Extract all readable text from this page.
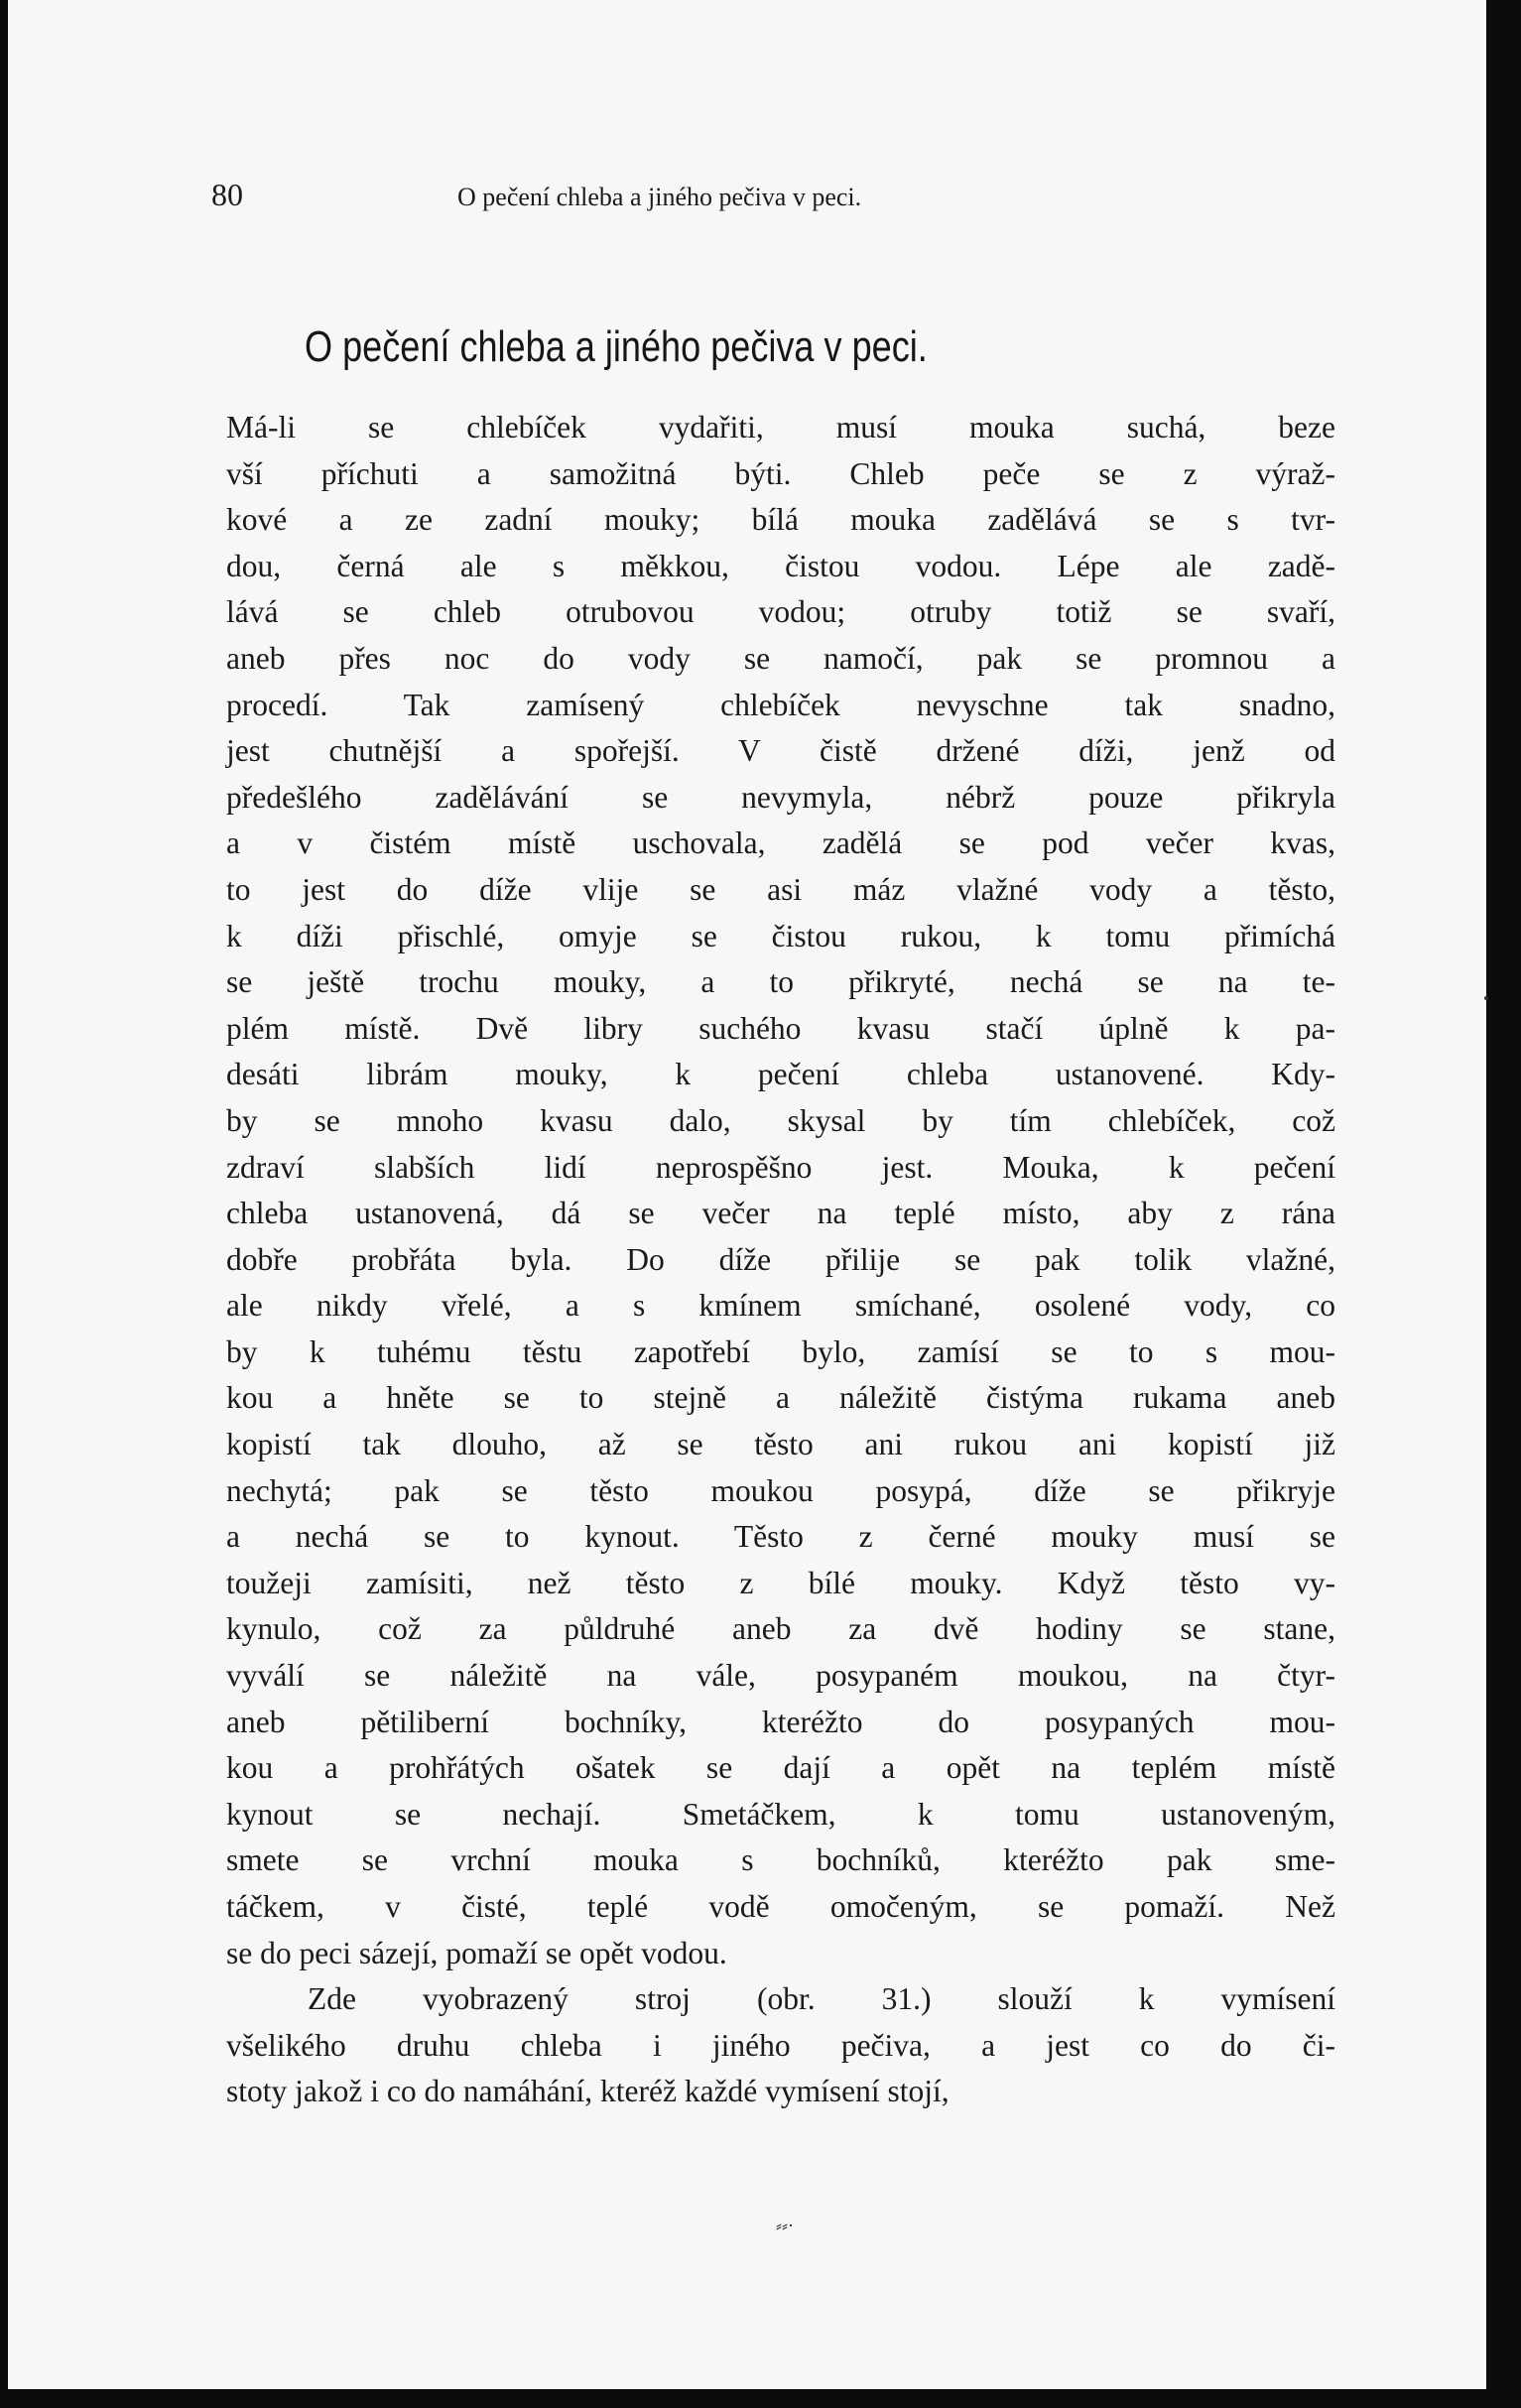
80	O pečení chleba a jiného pečiva v peci.
O pečení chleba a jiného pečiva v peci.
Má-li se chlebíček vydařiti, musí mouka suchá, beze
vší příchuti a samožitná býti. Chleb peče se z výraž-
kové a ze zadní mouky; bílá mouka zadělává se s tvr-
dou, černá ale s měkkou, čistou vodou. Lépe ale zadě-
lává se chleb otrubovou vodou; otruby totiž se svaří,
aneb přes noc do vody se namočí, pak se promnou a
procedí. Tak zamísený chlebíček nevyschne tak snadno,
jest chutnější a spořejší. V čistě držené díži, jenž od
předešlého zadělávání se nevymyla, nébrž pouze přikryla
a v čistém místě uschovala, zadělá se pod večer kvas,
to jest do díže vlije se asi máz vlažné vody a těsto,
k díži přischlé, omyje se čistou rukou, k tomu přimíchá
se ještě trochu mouky, a to přikryté, nechá se na te-
plém místě. Dvě libry suchého kvasu stačí úplně k pa-
desáti librám mouky, k pečení chleba ustanovené. Kdy-
by se mnoho kvasu dalo, skysal by tím chlebíček, což
zdraví slabších lidí neprospěšno jest. Mouka, k pečení
chleba ustanovená, dá se večer na teplé místo, aby z rána
dobře probřáta byla. Do díže přilije se pak tolik vlažné,
ale nikdy vřelé, a s kmínem smíchané, osolené vody, co
by k tuhému těstu zapotřebí bylo, zamísí se to s mou-
kou a hněte se to stejně a náležitě čistýma rukama aneb
kopistí tak dlouho, až se těsto ani rukou ani kopistí již
nechytá; pak se těsto moukou posypá, díže se přikryje
a nechá se to kynout. Těsto z černé mouky musí se
toužeji zamísiti, než těsto z bílé mouky. Když těsto vy-
kynulo, což za půldruhé aneb za dvě hodiny se stane,
vyválí se náležitě na vále, posypaném moukou, na čtyr-
aneb pětiliberní bochníky, kteréžto do posypaných mou-
kou a prohřátých ošatek se dají a opět na teplém místě
kynout se nechají. Smetáčkem, k tomu ustanoveným,
smete se vrchní mouka s bochníků, kteréžto pak sme-
táčkem, v čisté, teplé vodě omočeným, se pomaží. Než
se do peci sázejí, pomaží se opět vodou.
Zde vyobrazený stroj (obr. 31.) slouží k vymísení
všelikého druhu chleba i jiného pečiva, a jest co do či-
stoty jakož i co do namáhání, kteréž každé vymísení stojí,
⸗⸗·
